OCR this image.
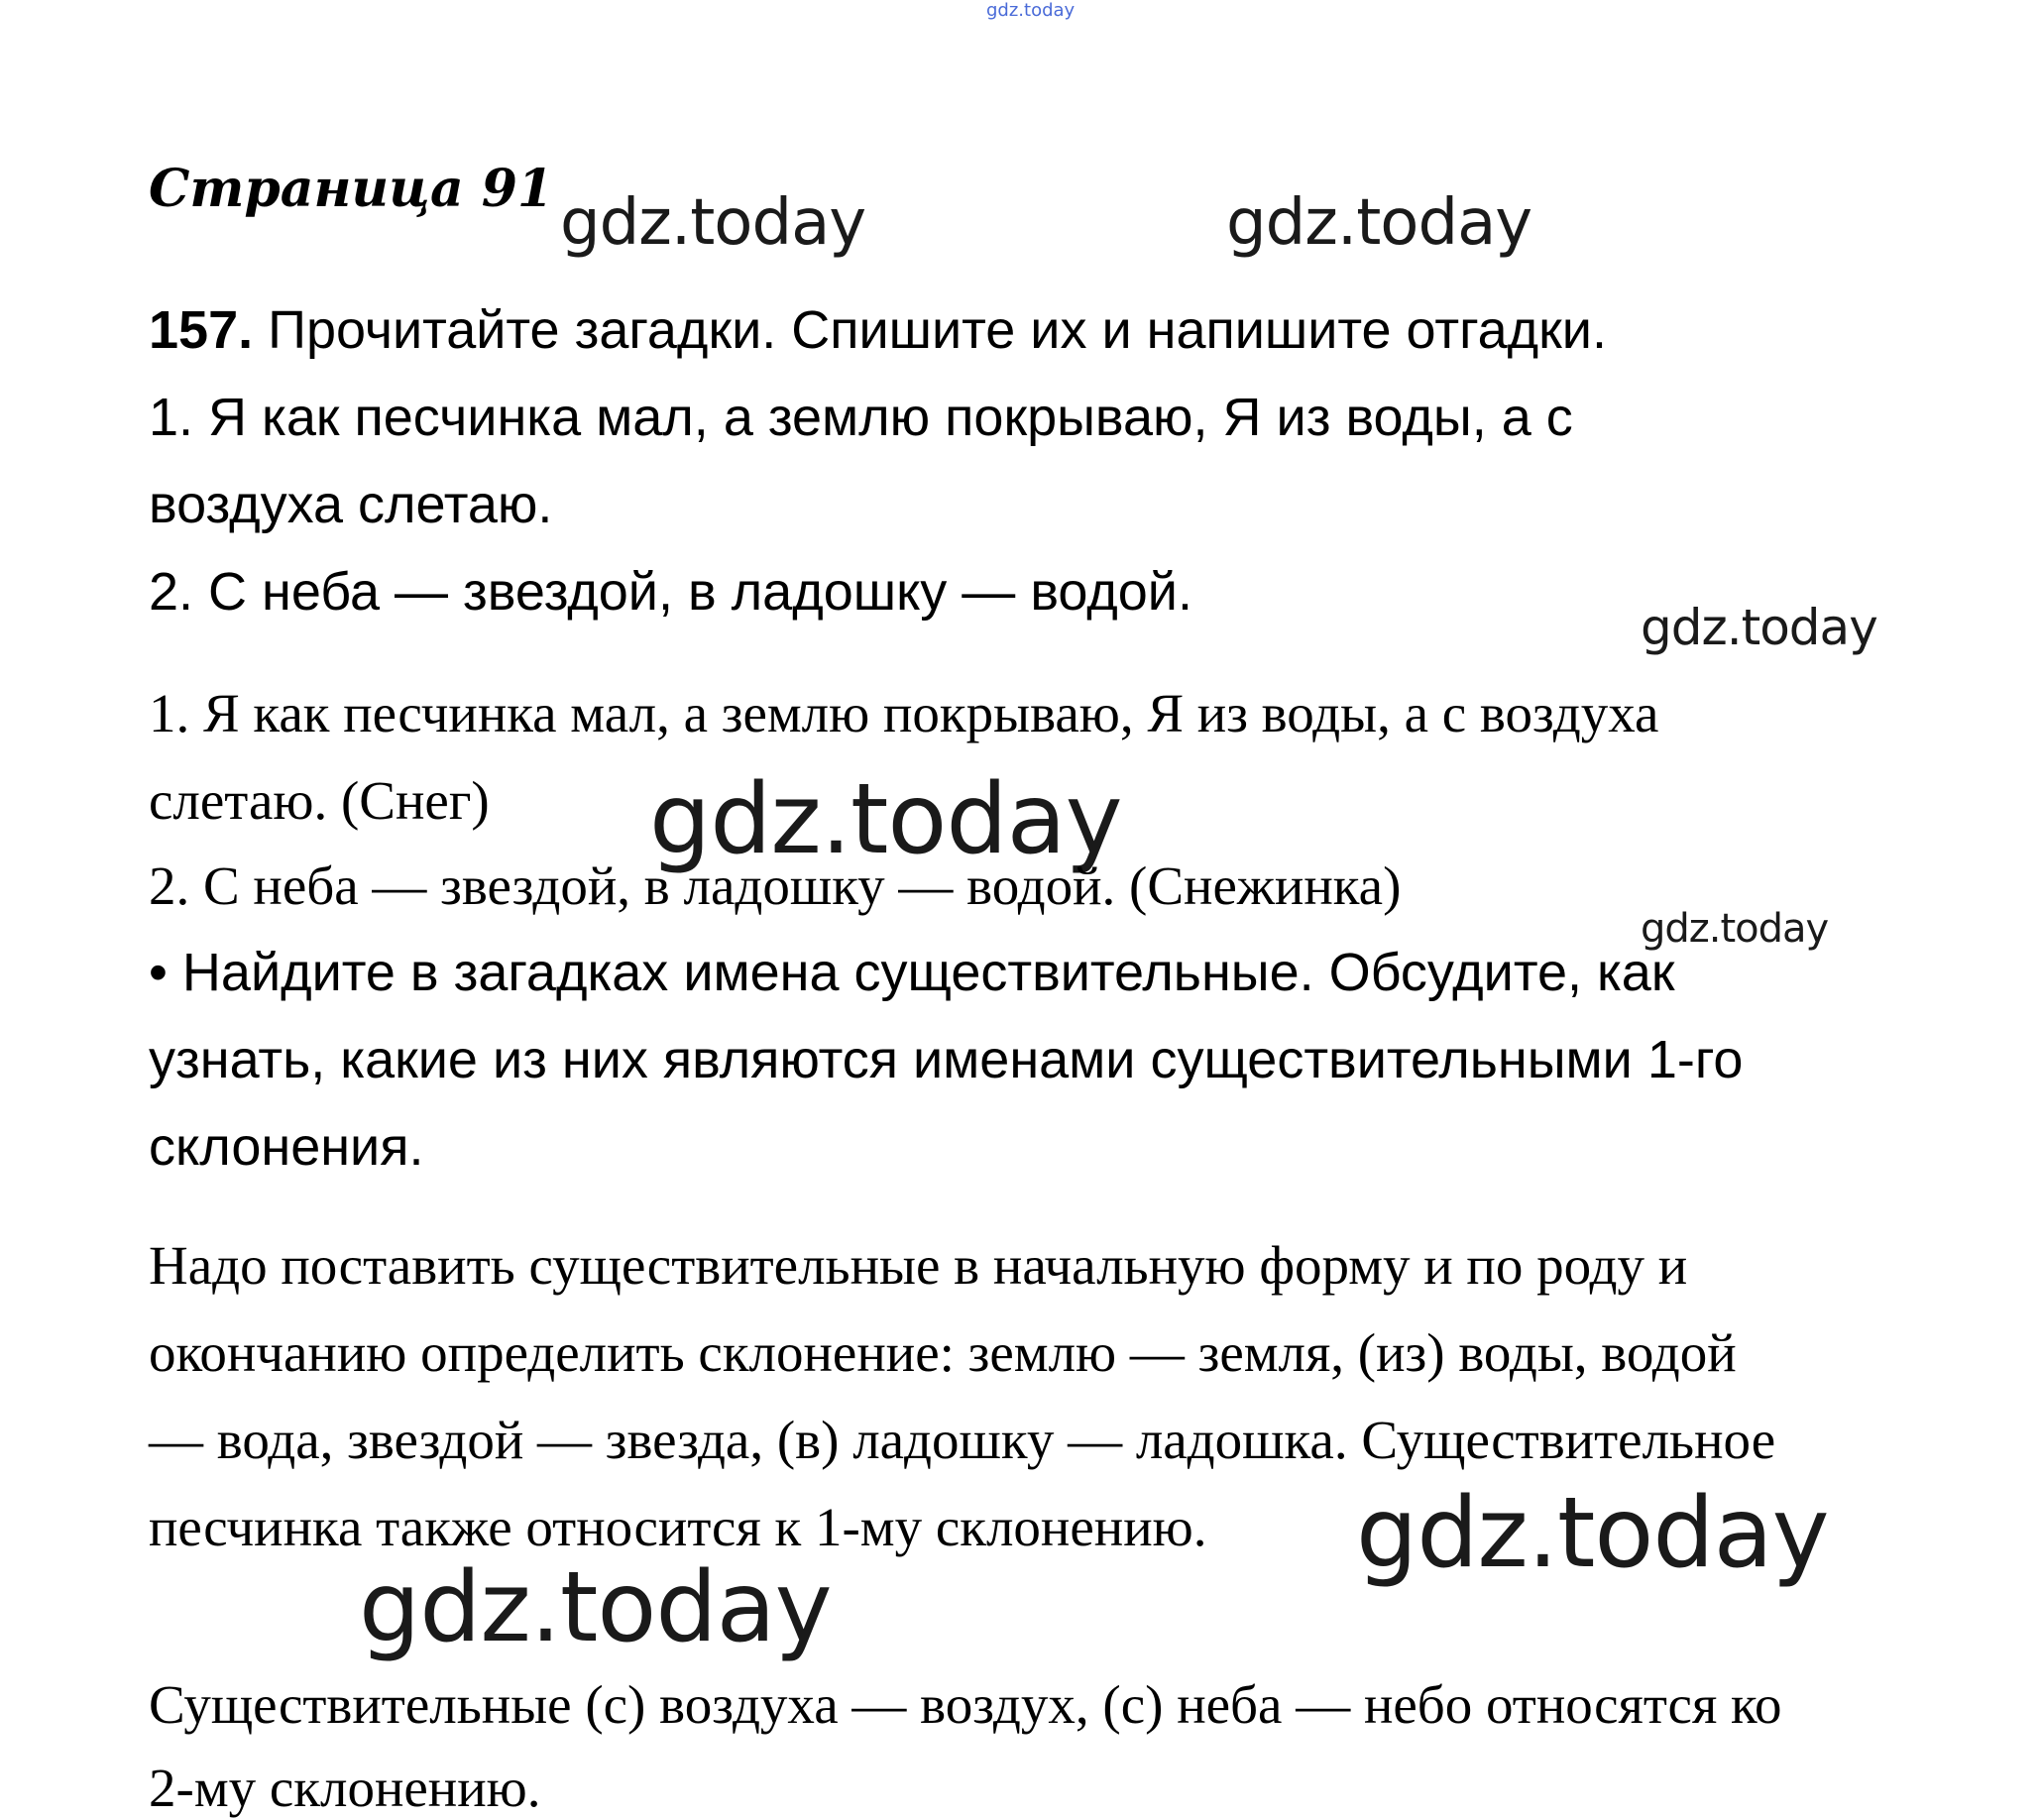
gdz.today
Страница 91 gdz.today	gdz.today
157. Прочитайте загадки. Спишите их и напишите отгадки.
1. Я как песчинка мал, а землю покрываю, Я из воды, а с
воздуха слетаю.
2. С неба — звездой, в ладошку — водой.
gdz.today
1. Я как песчинка мал, а землю покрываю, Я из воды, а с воздуха
слетаю. (Снег) gdz.today
2. С неба — звездой, в ладошку — водой. (Снежинка)
gdz.today
• Найдите в загадках имена существительные. Обсудите, как
узнать, какие из них являются именами существительными 1-го
склонения.
Надо поставить существительные в начальную форму и по роду и
окончанию определить склонение: землю — земля, (из) воды, водой
— вода, звездой — звезда, (в) ладошку — ладошка. Существительное
песчинка также относится к 1-му склонению. gdz.today
gdz.today
Существительные (с) воздуха — воздух, (с) неба — небо относятся ко
2-му склонению.
